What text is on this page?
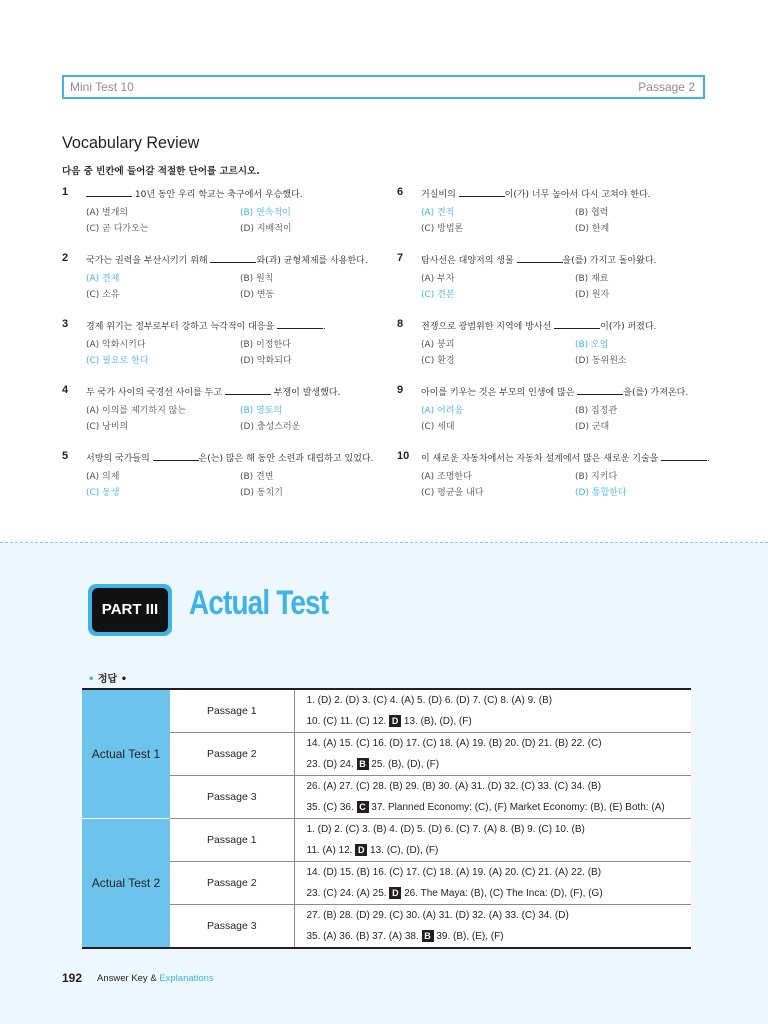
Mini Test 10	Passage 2
Vocabulary Review
다음 중 빈칸에 들어갈 적절한 단어를 고르시오.
1	10년 동안 우리 학교는 축구에서 우승했다.
(A) 별개의	(B) 연속적이
(C) 곧 다가오는	(D) 지배적이
2 국가는 권력을 부산시키기 위해	와(과) 균형체제를 사용한다.
(A) 견제	(B) 원칙
(C) 소유	(D) 변동
3 경제 위기는 정부로부터 강하고 늑각적이 대응을	.
(A) 악화시키다	(B) 이정한다
(C) 필요로 한다	(D) 악화되다
4 두 국가 사이의 국경선 사이를 두고	부쟁이 발생했다.
(A) 이의를 제기하지 않는	(B) 영토의
(C) 낭비의	(D) 충성스러운
5 서방의 국가들의	은(는) 많은 해 동안 소련과 대립하고 있었다.
(A) 의제	(B) 견변
(C) 동생	(D) 동치기
6 거실비의	이(가) 너무 높아서 다시 고쳐야 한다.
(A) 견적	(B) 협력
(C) 방법론	(D) 한계
7 탐사선은 대양저의 생물	을(를) 가지고 돌아왔다.
(A) 부자	(B) 재료
(C) 견본	(D) 원자
8 전쟁으로 광범위한 지역에 방사선	이(가) 퍼졌다.
(A) 붕괴	(B) 오염
(C) 환경	(D) 동위원소
9 아이를 키우는 것은 부모의 인생에 많은	을(를) 가져온다.
(A) 어려움	(B) 집정관
(C) 세대	(D) 군대
10 이 새로운 자동차에서는 자동차 설계에서 많은 새로운 기술을	.
(A) 조명한다	(B) 지키다
(C) 평균을 내다	(D) 통합한다
PART III Actual Test
• 정답 •
Actual Test 1	Passage 1	1. (D) 2. (D) 3. (C) 4. (A) 5. (D) 6. (D) 7. (C) 8. (A) 9. (B)
10. (C) 11. (C) 12. D 13. (B), (D), (F)

	Passage 2	14. (A) 15. (C) 16. (D) 17. (C) 18. (A) 19. (B) 20. (D) 21. (B) 22. (C)
23. (D) 24. B 25. (B), (D), (F)

	Passage 3	26. (A) 27. (C) 28. (B) 29. (B) 30. (A) 31. (D) 32. (C) 33. (C) 34. (B)
35. (C) 36. C 37. Planned Economy: (C), (F) Market Economy: (B), (E) Both: (A)

Actual Test 2	Passage 1	1. (D) 2. (C) 3. (B) 4. (D) 5. (D) 6. (C) 7. (A) 8. (B) 9. (C) 10. (B)
11. (A) 12. D 13. (C), (D), (F)

	Passage 2	14. (D) 15. (B) 16. (C) 17. (C) 18. (A) 19. (A) 20. (C) 21. (A) 22. (B)
23. (C) 24. (A) 25. D 26. The Maya: (B), (C) The Inca: (D), (F), (G)

	Passage 3	27. (B) 28. (D) 29. (C) 30. (A) 31. (D) 32. (A) 33. (C) 34. (D)
35. (A) 36. (B) 37. (A) 38. B 39. (B), (E), (F)
192 Answer Key & Explanations
